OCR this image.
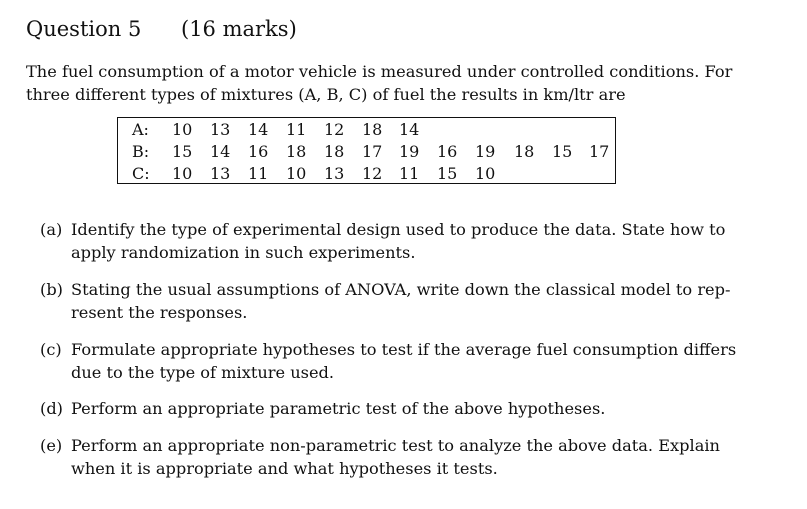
Question 5 (16 marks)
The fuel consumption of a motor vehicle is measured under controlled conditions. For
three different types of mixtures (A, B, C) of fuel the results in km/ltr are
A: 10 13 14 11 12 18 14
B: 15 14 16 18 18 17 19 16 19 18 15 17
C: 10 13 11 10 13 12 11 15 10
(a) Identify the type of experimental design used to produce the data. State how to
apply randomization in such experiments.
(b) Stating the usual assumptions of ANOVA, write down the classical model to rep-
resent the responses.
(c) Formulate appropriate hypotheses to test if the average fuel consumption differs
due to the type of mixture used.
(d) Perform an appropriate parametric test of the above hypotheses.
(e) Perform an appropriate non-parametric test to analyze the above data. Explain
when it is appropriate and what hypotheses it tests.
